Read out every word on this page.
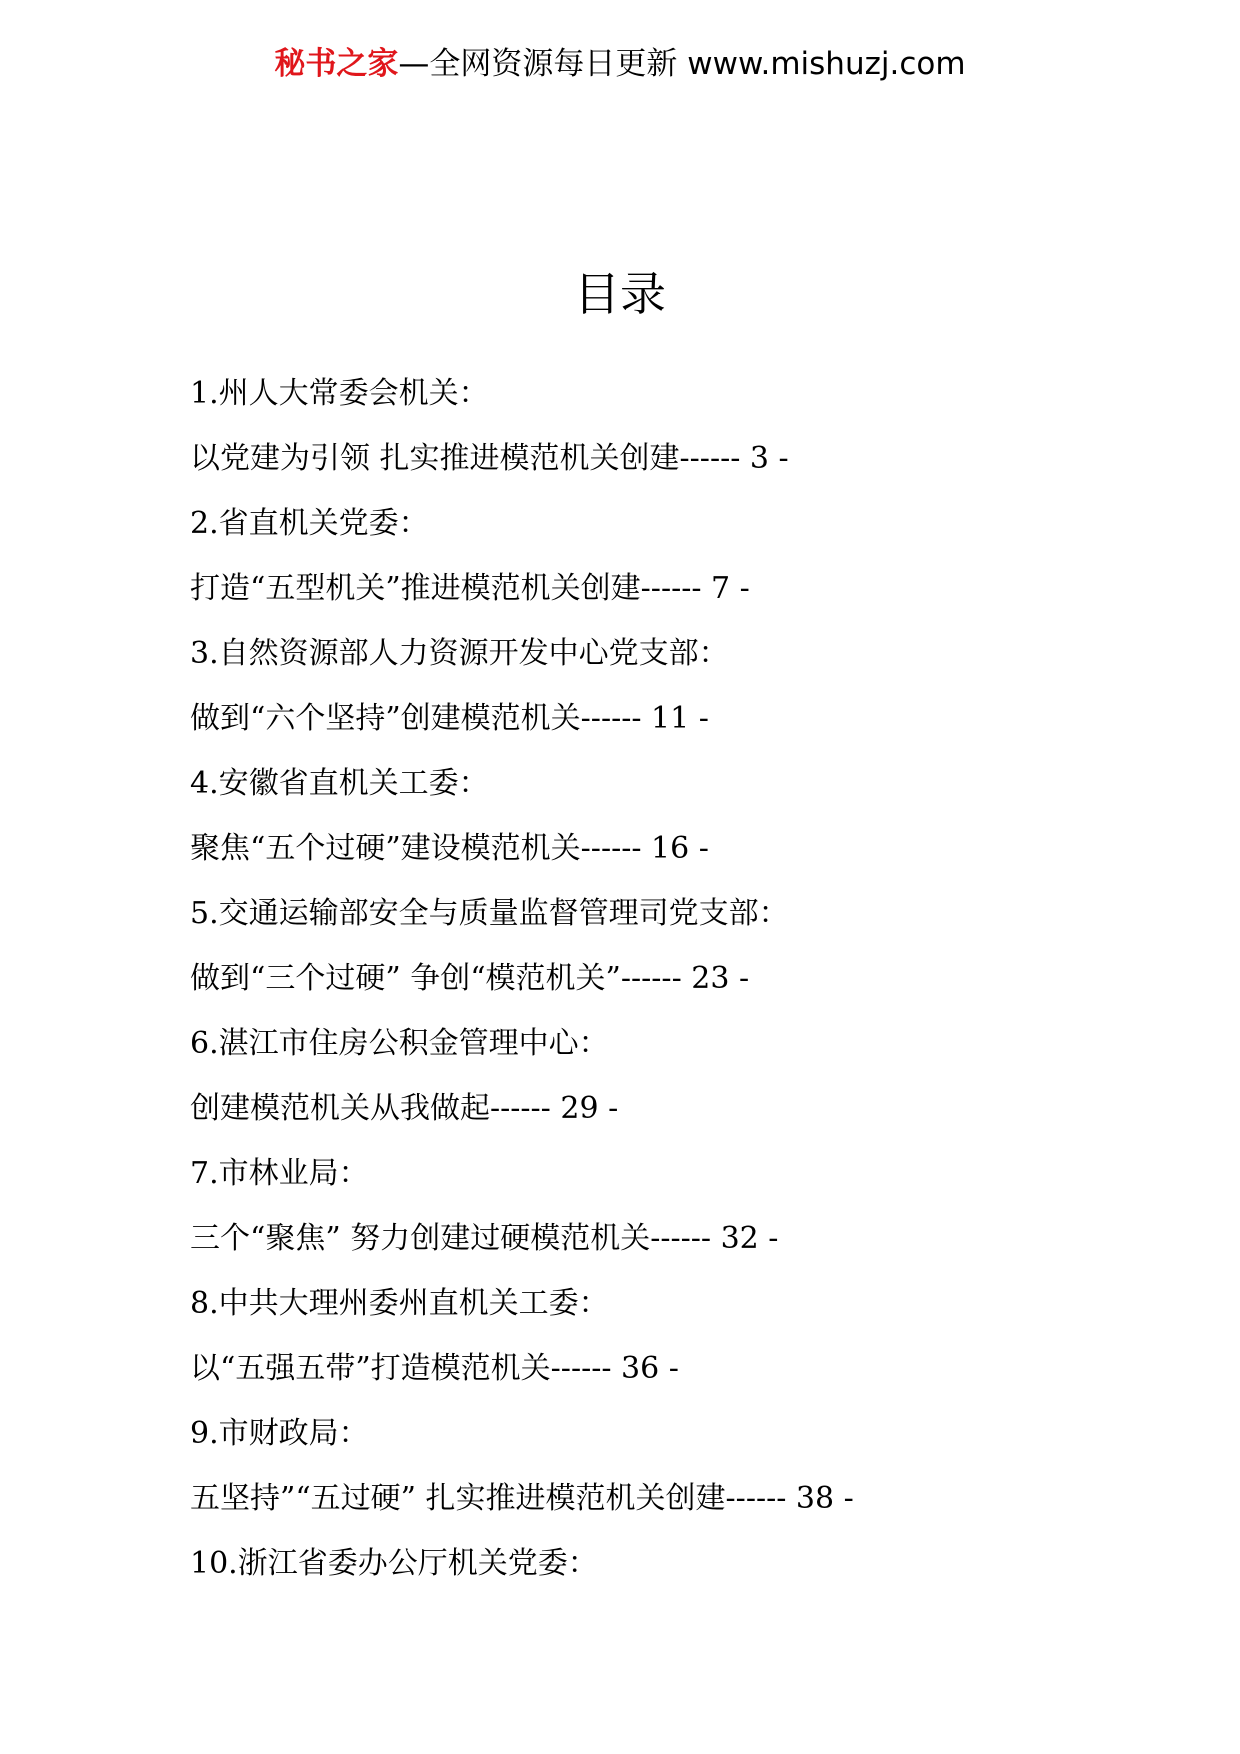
秘书之家—全网资源每日更新 www.mishuzj.com
目录
1.州人大常委会机关：
以党建为引领 扎实推进模范机关创建------ 3 -
2.省直机关党委：
打造“五型机关”推进模范机关创建------ 7 -
3.自然资源部人力资源开发中心党支部：
做到“六个坚持”创建模范机关------ 11 -
4.安徽省直机关工委：
聚焦“五个过硬”建设模范机关------ 16 -
5.交通运输部安全与质量监督管理司党支部：
做到“三个过硬” 争创“模范机关”------ 23 -
6.湛江市住房公积金管理中心：
创建模范机关从我做起------ 29 -
7.市林业局：
三个“聚焦” 努力创建过硬模范机关------ 32 -
8.中共大理州委州直机关工委：
以“五强五带”打造模范机关------ 36 -
9.市财政局：
五坚持”“五过硬” 扎实推进模范机关创建------ 38 -
10.浙江省委办公厅机关党委：
